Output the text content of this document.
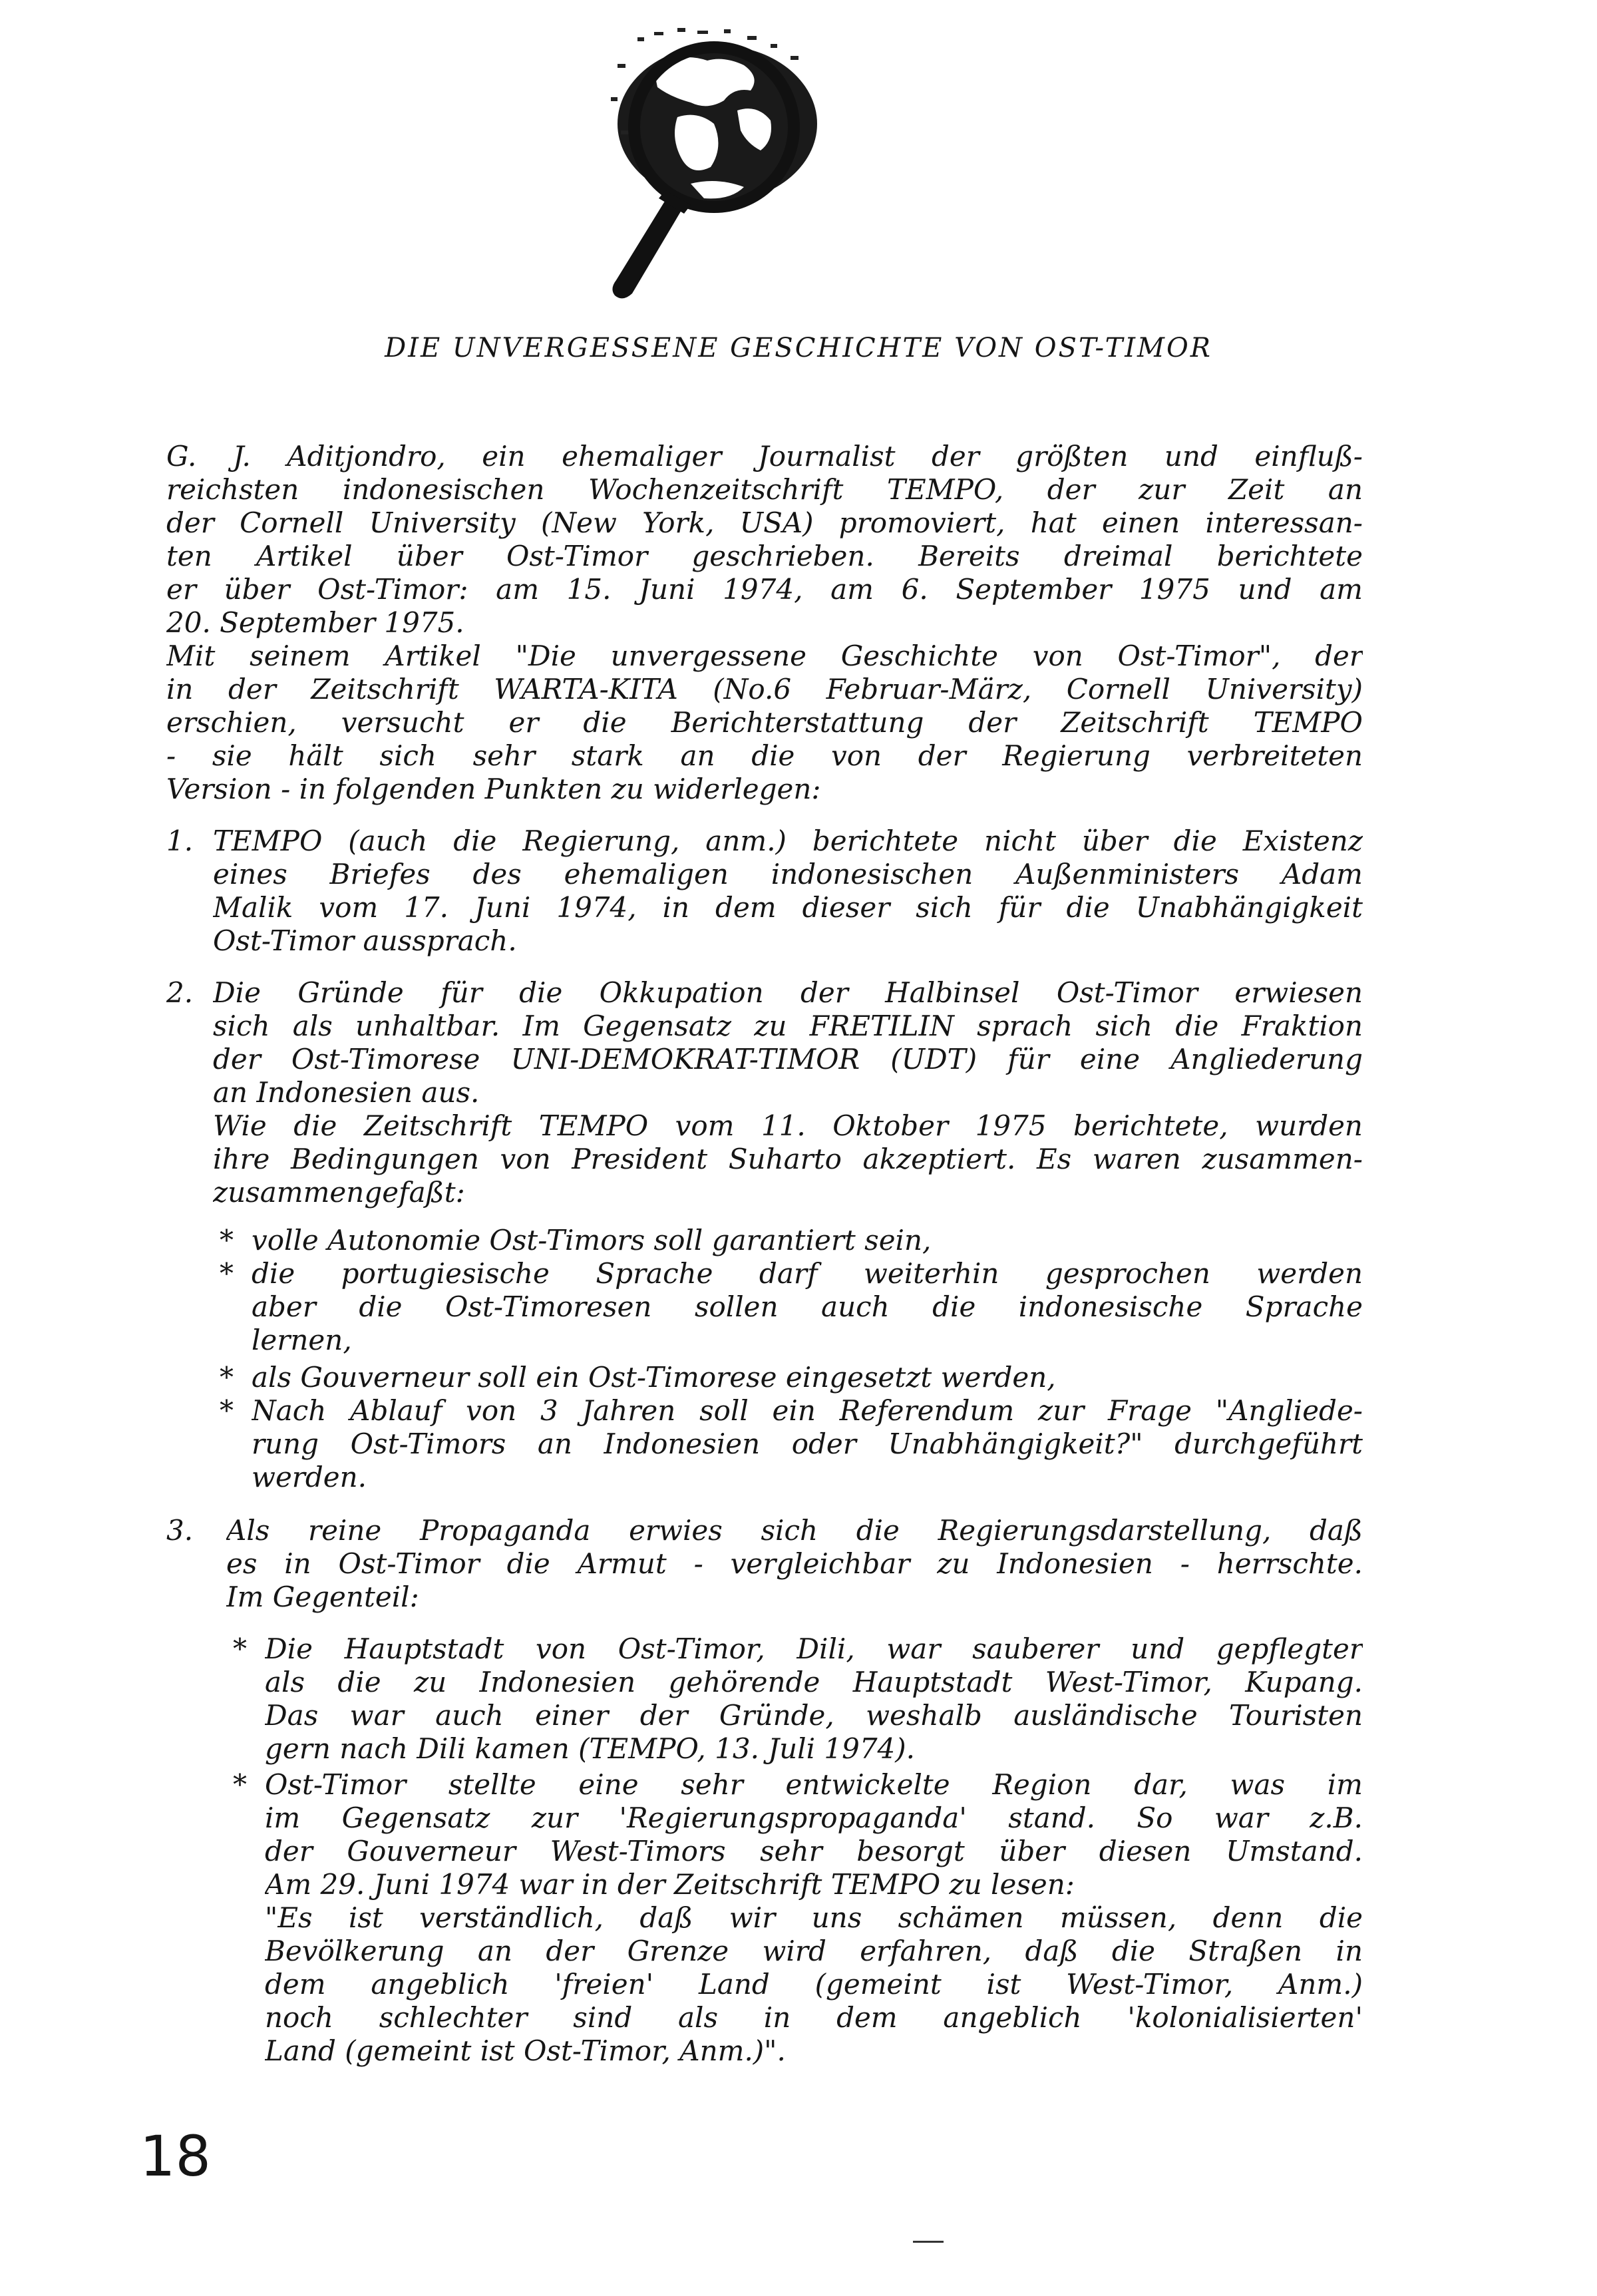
DIE UNVERGESSENE GESCHICHTE VON OST-TIMOR
G. J. Aditjondro, ein ehemaliger Journalist der größten und einfluß-
reichsten indonesischen Wochenzeitschrift TEMPO, der zur Zeit an
der Cornell University (New York, USA) promoviert, hat einen interessan-
ten Artikel über Ost-Timor geschrieben. Bereits dreimal berichtete
er über Ost-Timor: am 15. Juni 1974, am 6. September 1975 und am
20. September 1975.
Mit seinem Artikel "Die unvergessene Geschichte von Ost-Timor", der
in der Zeitschrift WARTA-KITA (No.6 Februar-März, Cornell University)
erschien, versucht er die Berichterstattung der Zeitschrift TEMPO
- sie hält sich sehr stark an die von der Regierung verbreiteten
Version - in folgenden Punkten zu widerlegen:
1. TEMPO (auch die Regierung, anm.) berichtete nicht über die Existenz
eines Briefes des ehemaligen indonesischen Außenministers Adam
Malik vom 17. Juni 1974, in dem dieser sich für die Unabhängigkeit
Ost-Timor aussprach.
2. Die Gründe für die Okkupation der Halbinsel Ost-Timor erwiesen
sich als unhaltbar. Im Gegensatz zu FRETILIN sprach sich die Fraktion
der Ost-Timorese UNI-DEMOKRAT-TIMOR (UDT) für eine Angliederung
an Indonesien aus.
Wie die Zeitschrift TEMPO vom 11. Oktober 1975 berichtete, wurden
ihre Bedingungen von President Suharto akzeptiert. Es waren zusammen-
zusammengefaßt:
* volle Autonomie Ost-Timors soll garantiert sein,
* die portugiesische Sprache darf weiterhin gesprochen werden
aber die Ost-Timoresen sollen auch die indonesische Sprache
lernen,
* als Gouverneur soll ein Ost-Timorese eingesetzt werden,
* Nach Ablauf von 3 Jahren soll ein Referendum zur Frage "Angliede-
rung Ost-Timors an Indonesien oder Unabhängigkeit?" durchgeführt
werden.
3. Als reine Propaganda erwies sich die Regierungsdarstellung, daß
es in Ost-Timor die Armut - vergleichbar zu Indonesien - herrschte.
Im Gegenteil:
* Die Hauptstadt von Ost-Timor, Dili, war sauberer und gepflegter
als die zu Indonesien gehörende Hauptstadt West-Timor, Kupang.
Das war auch einer der Gründe, weshalb ausländische Touristen
gern nach Dili kamen (TEMPO, 13. Juli 1974).
* Ost-Timor stellte eine sehr entwickelte Region dar, was im
im Gegensatz zur 'Regierungspropaganda' stand. So war z.B.
der Gouverneur West-Timors sehr besorgt über diesen Umstand.
Am 29. Juni 1974 war in der Zeitschrift TEMPO zu lesen:
"Es ist verständlich, daß wir uns schämen müssen, denn die
Bevölkerung an der Grenze wird erfahren, daß die Straßen in
dem angeblich 'freien' Land (gemeint ist West-Timor, Anm.)
noch schlechter sind als in dem angeblich 'kolonialisierten'
Land (gemeint ist Ost-Timor, Anm.)".
18
